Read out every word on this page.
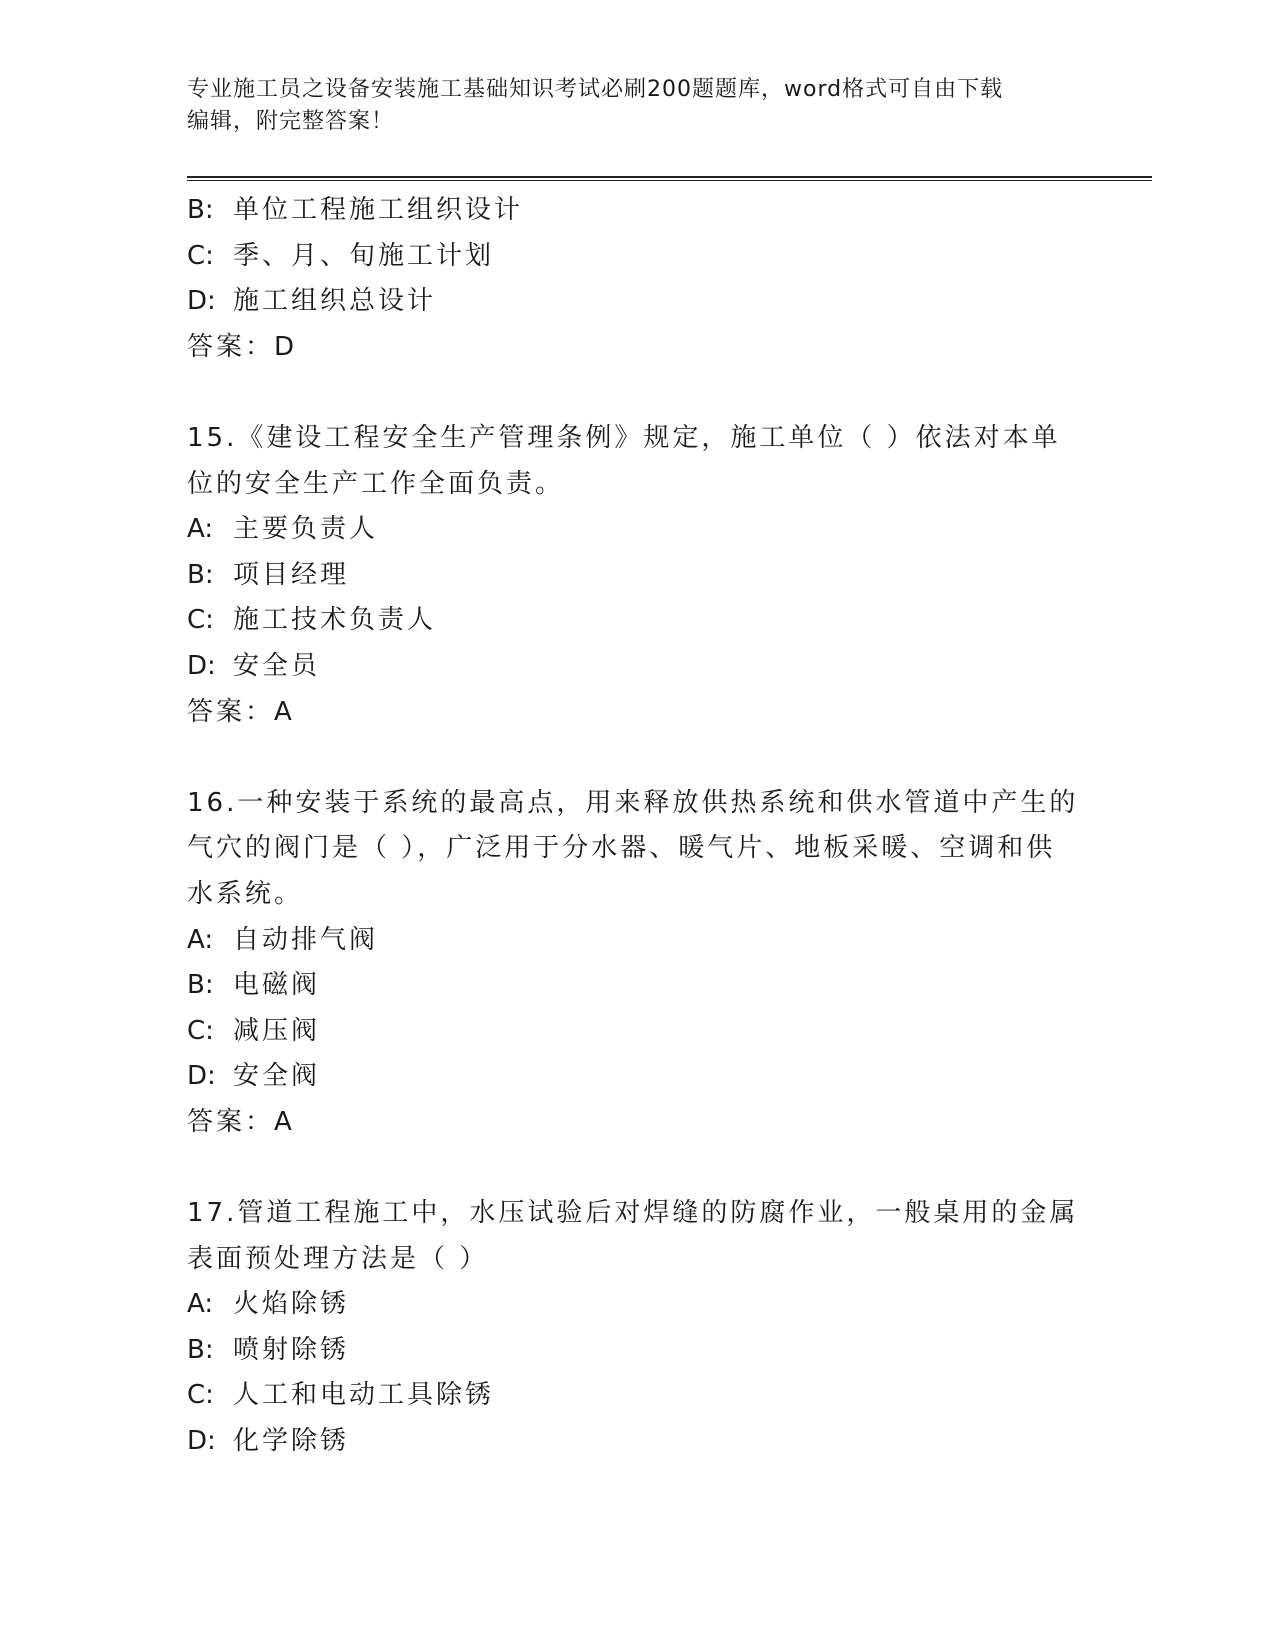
专业施工员之设备安装施工基础知识考试必刷200题题库，word格式可自由下载
编辑，附完整答案！
B: 单位工程施工组织设计
C: 季、月、旬施工计划
D: 施工组织总设计
答案：D
15.《建设工程安全生产管理条例》规定，施工单位（ ）依法对本单
位的安全生产工作全面负责。
A: 主要负责人
B: 项目经理
C: 施工技术负责人
D: 安全员
答案：A
16.一种安装于系统的最高点，用来释放供热系统和供水管道中产生的
气穴的阀门是（ ），广泛用于分水器、暖气片、地板采暖、空调和供
水系统。
A: 自动排气阀
B: 电磁阀
C: 减压阀
D: 安全阀
答案：A
17.管道工程施工中，水压试验后对焊缝的防腐作业，一般桌用的金属
表面预处理方法是（ ）
A: 火焰除锈
B: 喷射除锈
C: 人工和电动工具除锈
D: 化学除锈
